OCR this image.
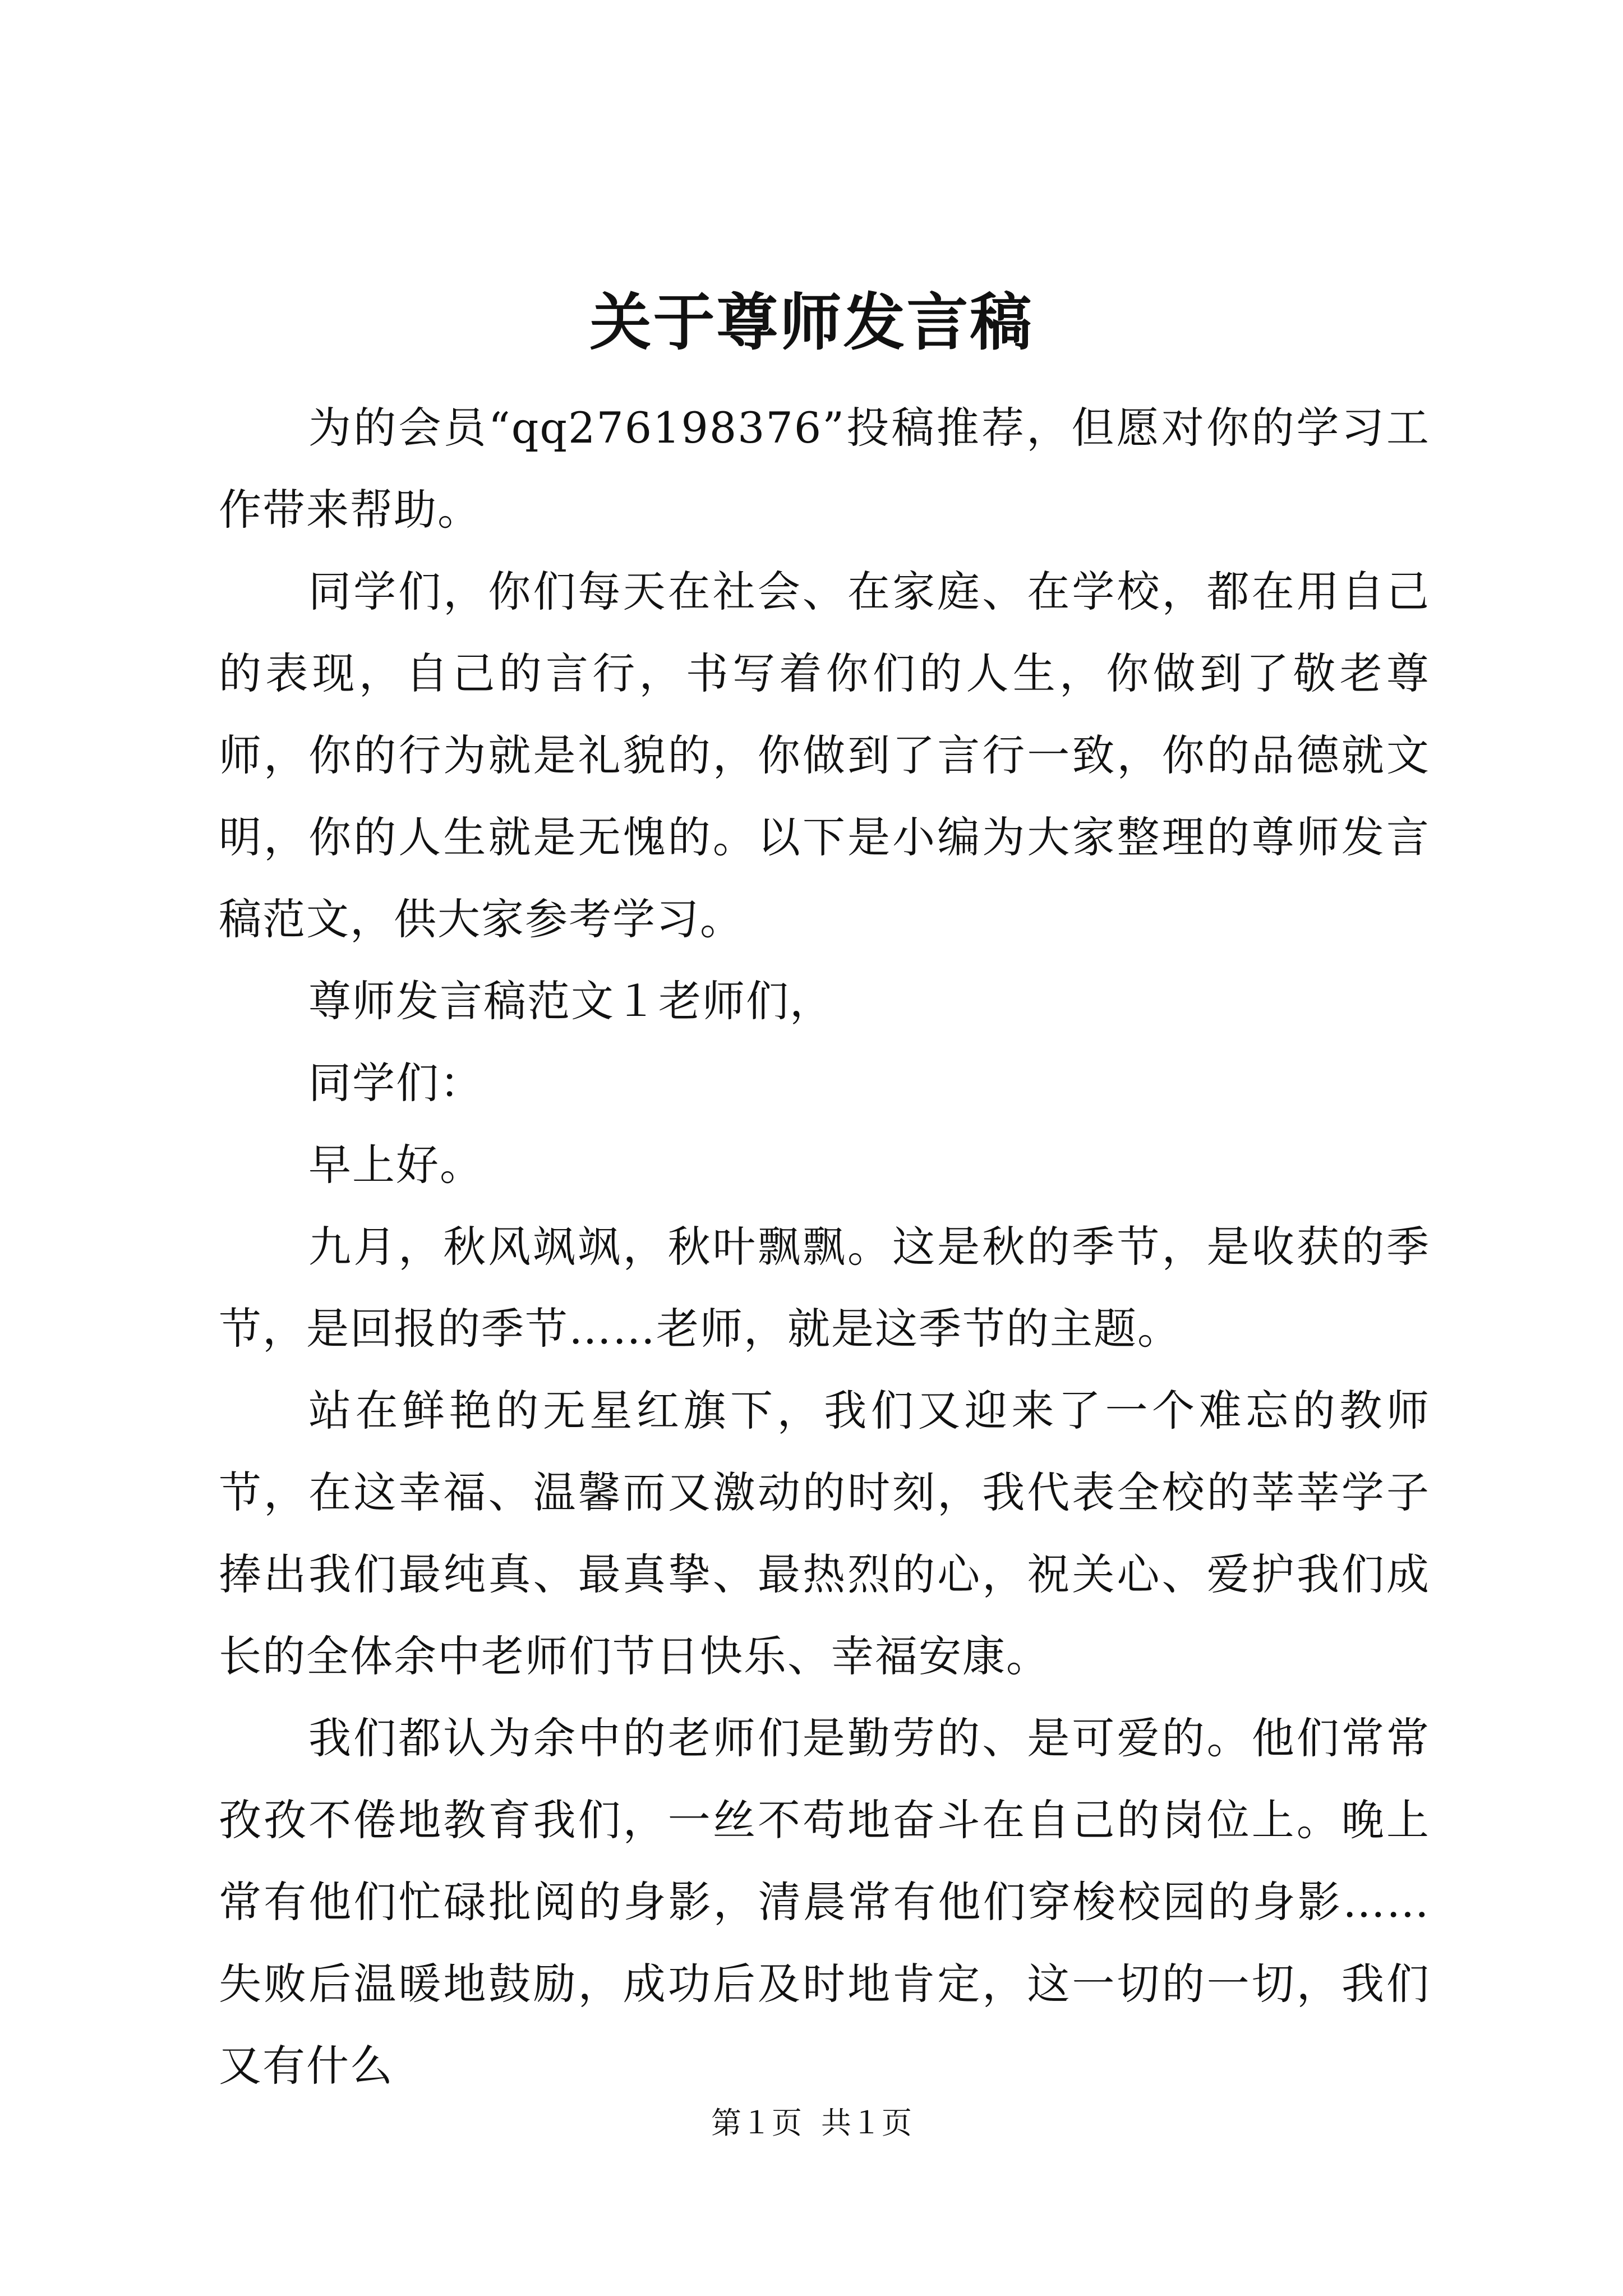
关于尊师发言稿

为的会员“qq276198376”投稿推荐，但愿对你的学习工作带来帮助。

同学们，你们每天在社会、在家庭、在学校，都在用自己的表现，自己的言行，书写着你们的人生，你做到了敬老尊师，你的行为就是礼貌的，你做到了言行一致，你的品德就文明，你的人生就是无愧的。以下是小编为大家整理的尊师发言稿范文，供大家参考学习。

尊师发言稿范文１老师们，

同学们：

早上好。

九月，秋风飒飒，秋叶飘飘。这是秋的季节，是收获的季节，是回报的季节……老师，就是这季节的主题。

站在鲜艳的无星红旗下，我们又迎来了一个难忘的教师节，在这幸福、温馨而又激动的时刻，我代表全校的莘莘学子捧出我们最纯真、最真挚、最热烈的心，祝关心、爱护我们成长的全体余中老师们节日快乐、幸福安康。

我们都认为余中的老师们是勤劳的、是可爱的。他们常常孜孜不倦地教育我们，一丝不苟地奋斗在自己的岗位上。晚上常有他们忙碌批阅的身影，清晨常有他们穿梭校园的身影……失败后温暖地鼓励，成功后及时地肯定，这一切的一切，我们又有什么

第１页 共１页
